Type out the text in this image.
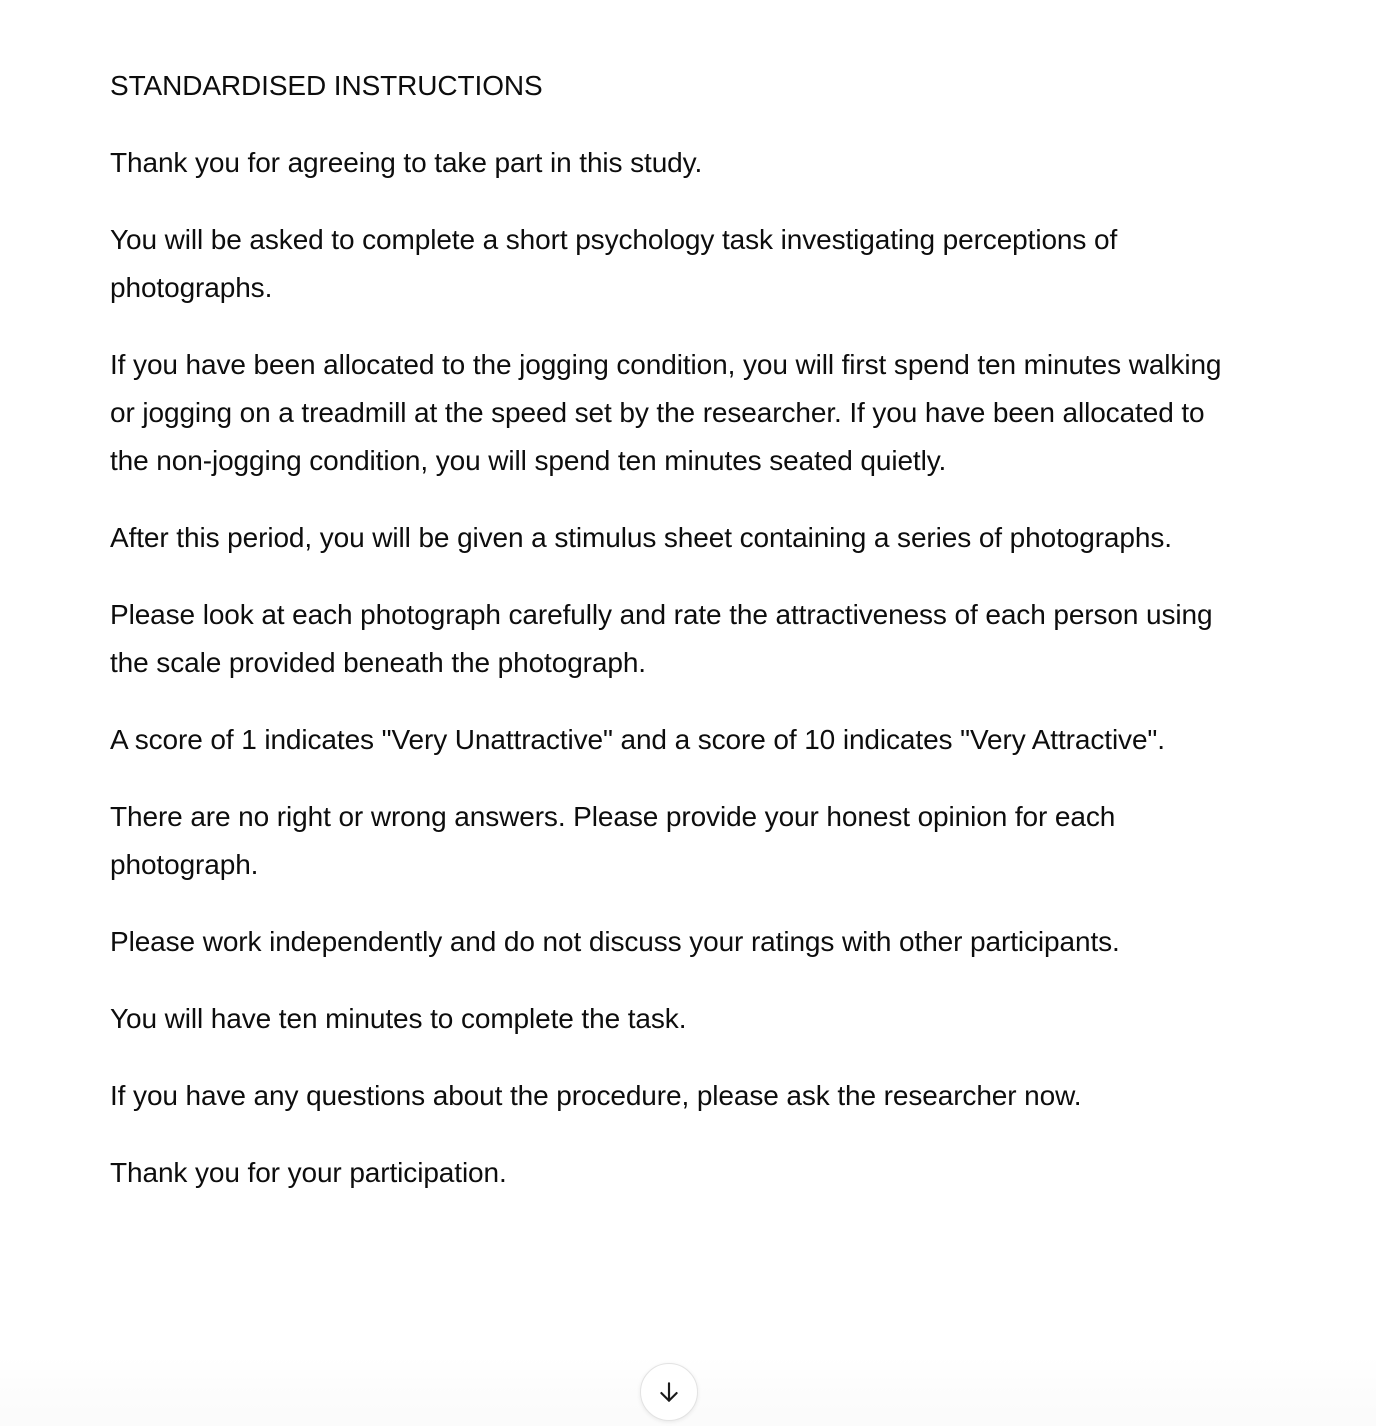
STANDARDISED INSTRUCTIONS

Thank you for agreeing to take part in this study.

You will be asked to complete a short psychology task investigating perceptions of photographs.

If you have been allocated to the jogging condition, you will first spend ten minutes walking or jogging on a treadmill at the speed set by the researcher. If you have been allocated to the non-jogging condition, you will spend ten minutes seated quietly.

After this period, you will be given a stimulus sheet containing a series of photographs.

Please look at each photograph carefully and rate the attractiveness of each person using the scale provided beneath the photograph.

A score of 1 indicates "Very Unattractive" and a score of 10 indicates "Very Attractive".

There are no right or wrong answers. Please provide your honest opinion for each photograph.

Please work independently and do not discuss your ratings with other participants.

You will have ten minutes to complete the task.

If you have any questions about the procedure, please ask the researcher now.

Thank you for your participation.
